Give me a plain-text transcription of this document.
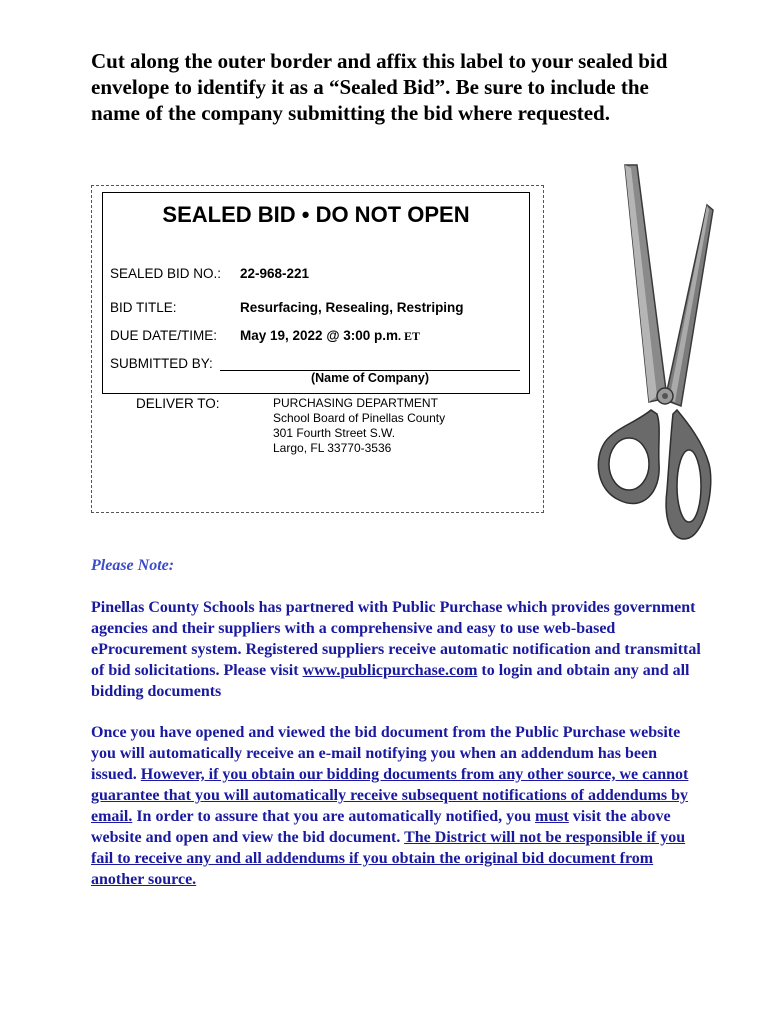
Cut along the outer border and affix this label to your sealed bid envelope to identify it as a “Sealed Bid”. Be sure to include the name of the company submitting the bid where requested.

SEALED BID • DO NOT OPEN
SEALED BID NO.: 22-968-221
BID TITLE:	Resurfacing, Resealing, Restriping
DUE DATE/TIME: May 19, 2022 @ 3:00 p.m. ET
SUBMITTED BY:
(Name of Company)
DELIVER TO:	PURCHASING DEPARTMENT
School Board of Pinellas County
301 Fourth Street S.W.
Largo, FL 33770-3536
Please Note:

Pinellas County Schools has partnered with Public Purchase which provides government agencies and their suppliers with a comprehensive and easy to use web-based eProcurement system. Registered suppliers receive automatic notification and transmittal of bid solicitations. Please visit www.publicpurchase.com to login and obtain any and all bidding documents

Once you have opened and viewed the bid document from the Public Purchase website you will automatically receive an e-mail notifying you when an addendum has been issued. However, if you obtain our bidding documents from any other source, we cannot guarantee that you will automatically receive subsequent notifications of addendums by email. In order to assure that you are automatically notified, you must visit the above website and open and view the bid document. The District will not be responsible if you fail to receive any and all addendums if you obtain the original bid document from another source.
